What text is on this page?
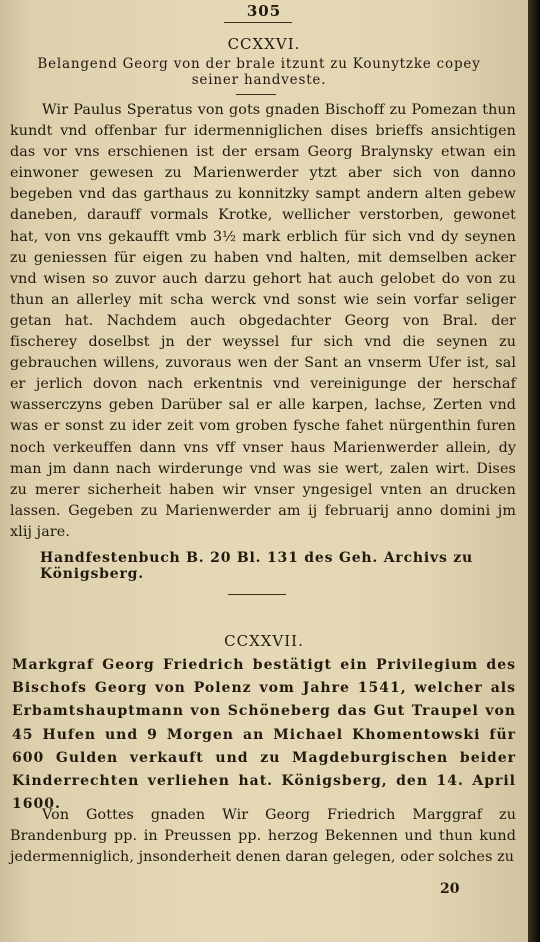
305
CCXXVI.
Belangend Georg von der brale itzunt zu Kounytzke copey seiner handveste.

Wir Paulus Speratus von gots gnaden Bischoff zu Pomezan thun kundt vnd offenbar fur idermenniglichen dises brieffs ansichtigen das vor vns erschienen ist der ersam Georg Bralynsky etwan ein einwoner gewesen zu Marienwerder ytzt aber sich von danno begeben vnd das garthaus zu konnitzky sampt andern alten gebew daneben, darauff vormals Krotke, wellicher verstorben, gewonet hat, von vns gekaufft vmb 3½ mark erblich für sich vnd dy seynen zu geniessen für eigen zu haben vnd halten, mit demselben acker vnd wisen so zuvor auch darzu gehort hat auch gelobet do von zu thun an allerley mit scha werck vnd sonst wie sein vorfar seliger getan hat. Nachdem auch obgedachter Georg von Bral. der fischerey doselbst jn der weyssel fur sich vnd die seynen zu gebrauchen willens, zuvoraus wen der Sant an vnserm Ufer ist, sal er jerlich dovon nach erkentnis vnd vereinigunge der herschaf wasserczyns geben Darüber sal er alle karpen, lachse, Zerten vnd was er sonst zu ider zeit vom groben fysche fahet nürgenthin furen noch verkeuffen dann vns vff vnser haus Marienwerder allein, dy man jm dann nach wirderunge vnd was sie wert, zalen wirt. Dises zu merer sicherheit haben wir vnser yngesigel vnten an drucken lassen. Gegeben zu Marienwerder am ij februarij anno domini jm xlij jare.

Handfestenbuch B. 20 Bl. 131 des Geh. Archivs zu Königsberg.
CCXXVII.

Markgraf Georg Friedrich bestätigt ein Privilegium des Bischofs Georg von Polenz vom Jahre 1541, welcher als Erbamtshauptmann von Schöneberg das Gut Traupel von 45 Hufen und 9 Morgen an Michael Khomentowski für 600 Gulden verkauft und zu Magdeburgischen beider Kinderrechten verliehen hat. Königsberg, den 14. April 1600.

Von Gottes gnaden Wir Georg Friedrich Marggraf zu Brandenburg pp. in Preussen pp. herzog Bekennen und thun kund jedermenniglich, jnsonderheit denen daran gelegen, oder solches zu

20
